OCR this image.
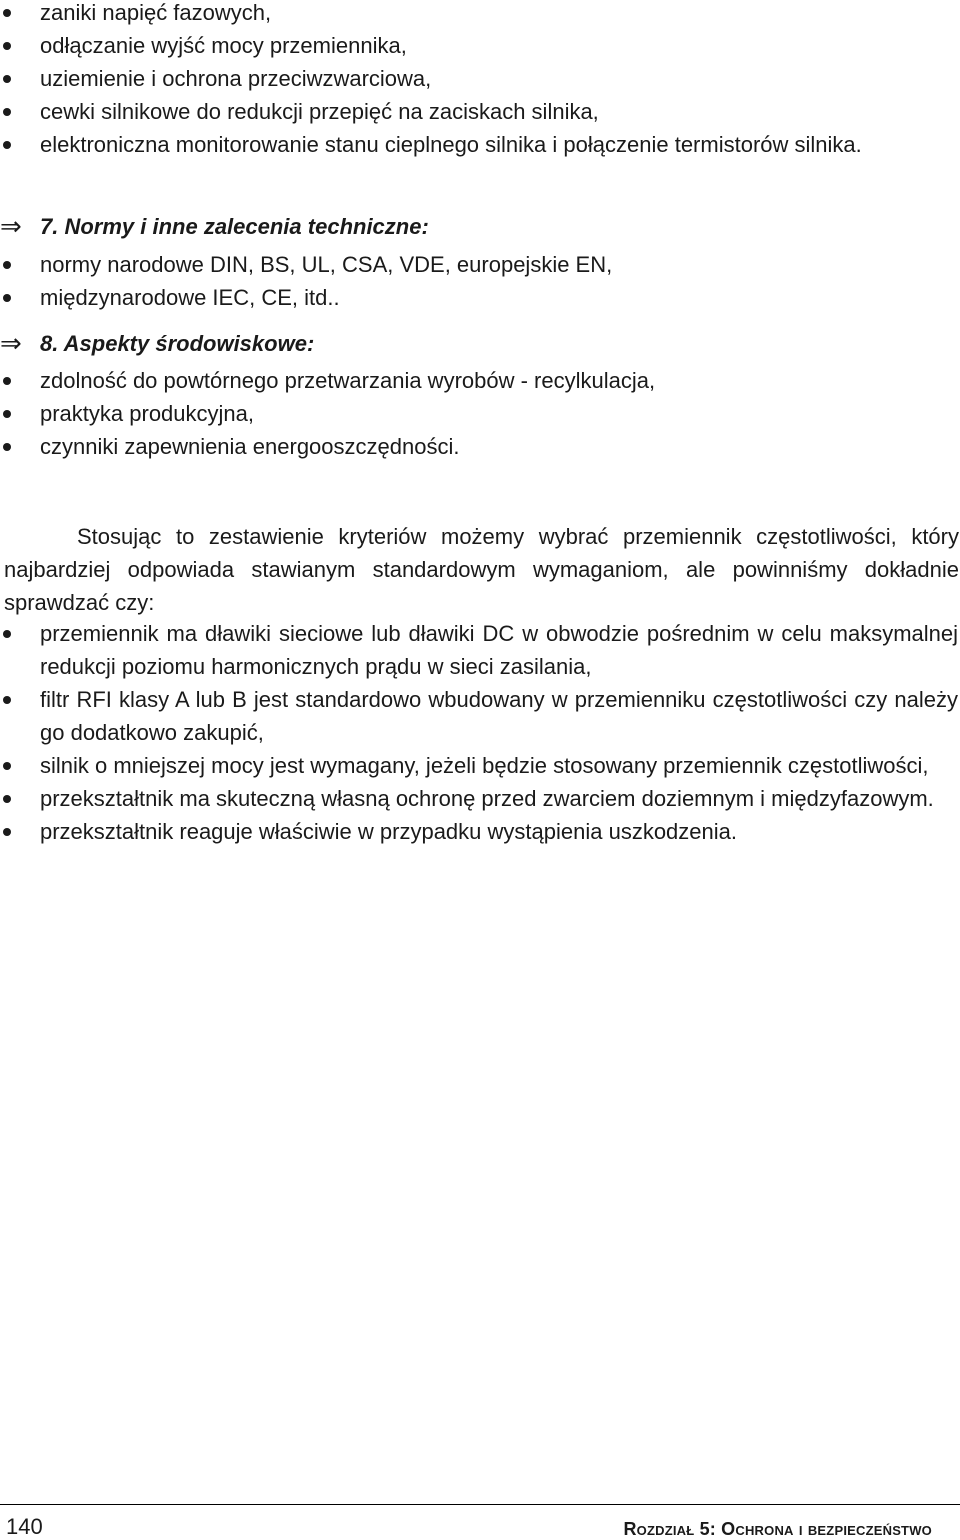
zaniki napięć fazowych,
odłączanie wyjść mocy przemiennika,
uziemienie i ochrona przeciwzwarciowa,
cewki silnikowe do redukcji przepięć na zaciskach silnika,
elektroniczna monitorowanie stanu cieplnego silnika i połączenie termistorów silnika.
⇒ 7. Normy i inne zalecenia techniczne:
normy narodowe DIN, BS, UL, CSA, VDE, europejskie EN,
międzynarodowe IEC, CE, itd..
⇒ 8. Aspekty środowiskowe:
zdolność do powtórnego przetwarzania wyrobów - recylkulacja,
praktyka produkcyjna,
czynniki zapewnienia energooszczędności.

Stosując to zestawienie kryteriów możemy wybrać przemiennik częstotliwości, który najbardziej odpowiada stawianym standardowym wymaganiom, ale powinniśmy dokładnie sprawdzać czy:

przemiennik ma dławiki sieciowe lub dławiki DC w obwodzie pośrednim w celu maksymalnej redukcji poziomu harmonicznych prądu w sieci zasilania,
filtr RFI klasy A lub B jest standardowo wbudowany w przemienniku częstotliwości czy należy go dodatkowo zakupić,
silnik o mniejszej mocy jest wymagany, jeżeli będzie stosowany przemiennik częstotliwości,
przekształtnik ma skuteczną własną ochronę przed zwarciem doziemnym i międzyfazowym.
przekształtnik reaguje właściwie w przypadku wystąpienia uszkodzenia.
140	Rozdział 5: Ochrona i bezpieczeństwo
